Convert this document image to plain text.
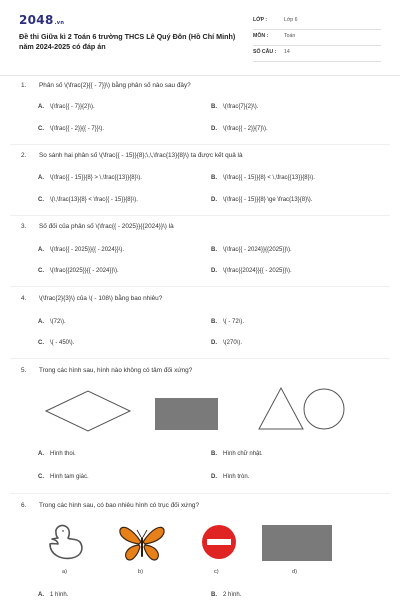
2048.vn
Đề thi Giữa kì 2 Toán 6 trường THCS Lê Quý Đôn (Hồ Chí Minh) năm 2024-2025 có đáp án
LỚP :	Lớp 6
MÔN :	Toán
SỐ CÂU : 14
1. Phân số \(\frac{2}{{ - 7}}\) bằng phân số nào sau đây?
A. \(\frac{{ - 7}}{2}\).	B. \(\frac{7}{2}\).
C. \(\frac{{ - 2}}{{ - 7}}\).	D. \(\frac{{ - 2}}{7}\).
2. So sánh hai phân số \(\frac{{ - 15}}{8};\,\,\frac{13}{8}\) ta được kết quả là
A. \(\frac{{ - 15}}{8} > \,\frac{{13}}{8}\).	B. \(\frac{{ - 15}}{8} < \,\frac{{13}}{8}\).
C. \(\,\frac{13}{8} < \frac{{ - 15}}{8}\).	D. \(\frac{{ - 15}}{8} \ge \frac{13}{8}\).
3. Số đối của phân số \(\frac{{ - 2025}}{{2024}}\) là
A. \(\frac{{ - 2025}}{{ - 2024}}\).	B. \(\frac{{ - 2024}}{{2025}}\).
C. \(\frac{{2025}}{{ - 2024}}\).	D. \(\frac{{2024}}{{ - 2025}}\).
4. \(\frac{2}{3}\) của \( - 108\) bằng bao nhiêu?
A. \(72\).	B. \( - 72\).
C. \( - 450\).	D. \(270\).
5. Trong các hình sau, hình nào không có tâm đối xứng?
A. Hình thoi.	B. Hình chữ nhật.
C. Hình tam giác.	D. Hình tròn.
6. Trong các hình sau, có bao nhiêu hình có trục đối xứng?
a)	b)	c)	d)
A. 1 hình.	B. 2 hình.
